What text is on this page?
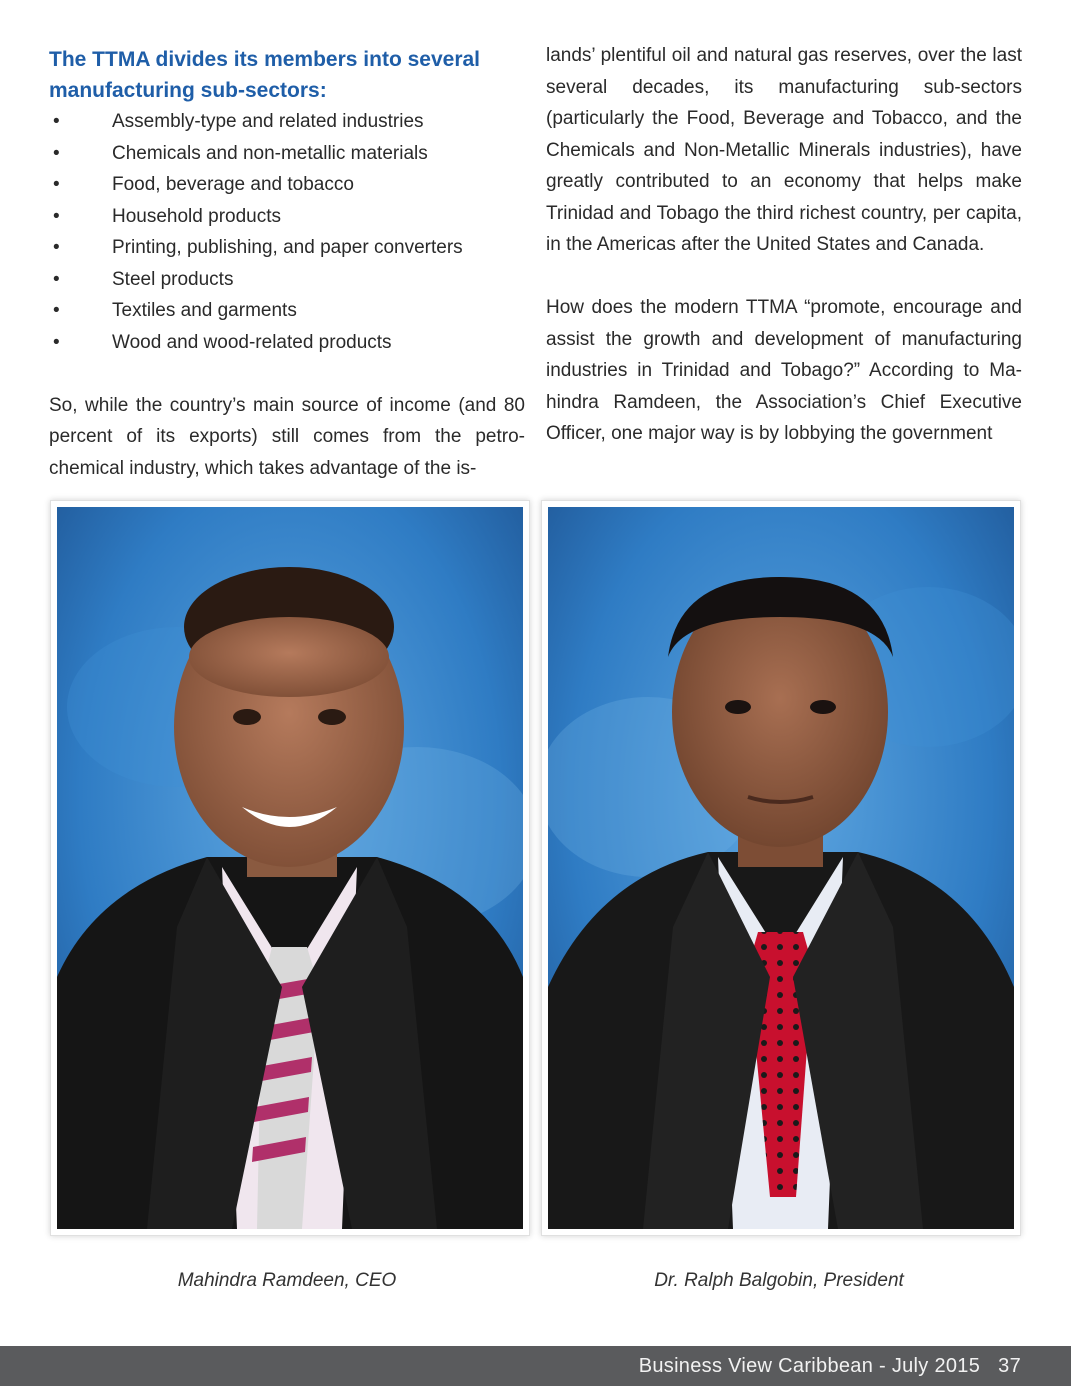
The TTMA divides its members into several manufacturing sub-sectors:
•	Assembly-type and related industries
•	Chemicals and non-metallic materials
•	Food, beverage and tobacco
•	Household products
•	Printing, publishing, and paper converters
•	Steel products
•	Textiles and garments
•	Wood and wood-related products

So, while the country’s main source of income (and 80 percent of its exports) still comes from the petro-chemical industry, which takes advantage of the is-

lands’ plentiful oil and natural gas reserves, over the last several decades, its manufacturing sub-sectors (particularly the Food, Beverage and Tobacco, and the Chemicals and Non-Metallic Minerals industries), have greatly contributed to an economy that helps make Trinidad and Tobago the third richest country, per capita, in the Americas after the United States and Canada.

How does the modern TTMA “promote, encourage and assist the growth and development of manufacturing industries in Trinidad and Tobago?” According to Ma-hindra Ramdeen, the Association’s Chief Executive Officer, one major way is by lobbying the government

Mahindra Ramdeen, CEO	Dr. Ralph Balgobin, President
Business View Caribbean - July 2015 37
